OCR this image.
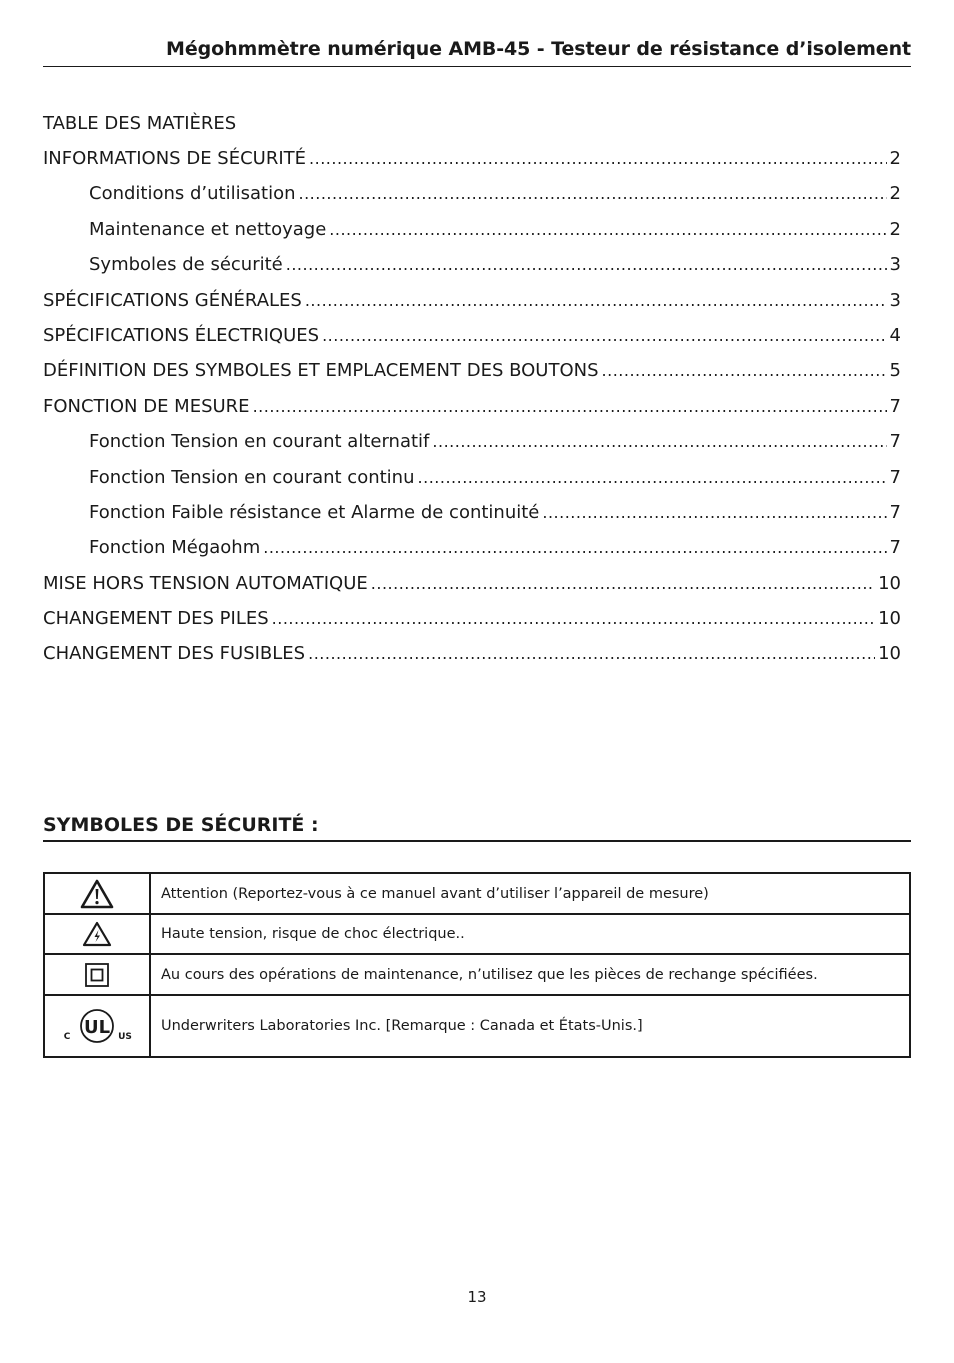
Mégohmmètre numérique AMB-45 - Testeur de résistance d’isolement
TABLE DES MATIÈRES
INFORMATIONS DE SÉCURITÉ .....	2
Conditions d’utilisation .....	2
Maintenance et nettoyage .....	2
Symboles de sécurité .....	3
SPÉCIFICATIONS GÉNÉRALES .....	3
SPÉCIFICATIONS ÉLECTRIQUES .....	4
DÉFINITION DES SYMBOLES ET EMPLACEMENT DES BOUTONS .....	5
FONCTION DE MESURE .....	7
Fonction Tension en courant alternatif .....	7
Fonction Tension en courant continu .....	7
Fonction Faible résistance et Alarme de continuité .....	7
Fonction Mégaohm .....	7
MISE HORS TENSION AUTOMATIQUE .....	10
CHANGEMENT DES PILES .....	10
CHANGEMENT DES FUSIBLES .....	10
SYMBOLES DE SÉCURITÉ :
	Attention (Reportez-vous à ce manuel avant d’utiliser l’appareil de mesure)

	Haute tension, risque de choc électrique..

	Au cours des opérations de maintenance, n’utilisez que les pièces de rechange spécifiées.

UL
C US	Underwriters Laboratories Inc. [Remarque : Canada et États-Unis.]
13
